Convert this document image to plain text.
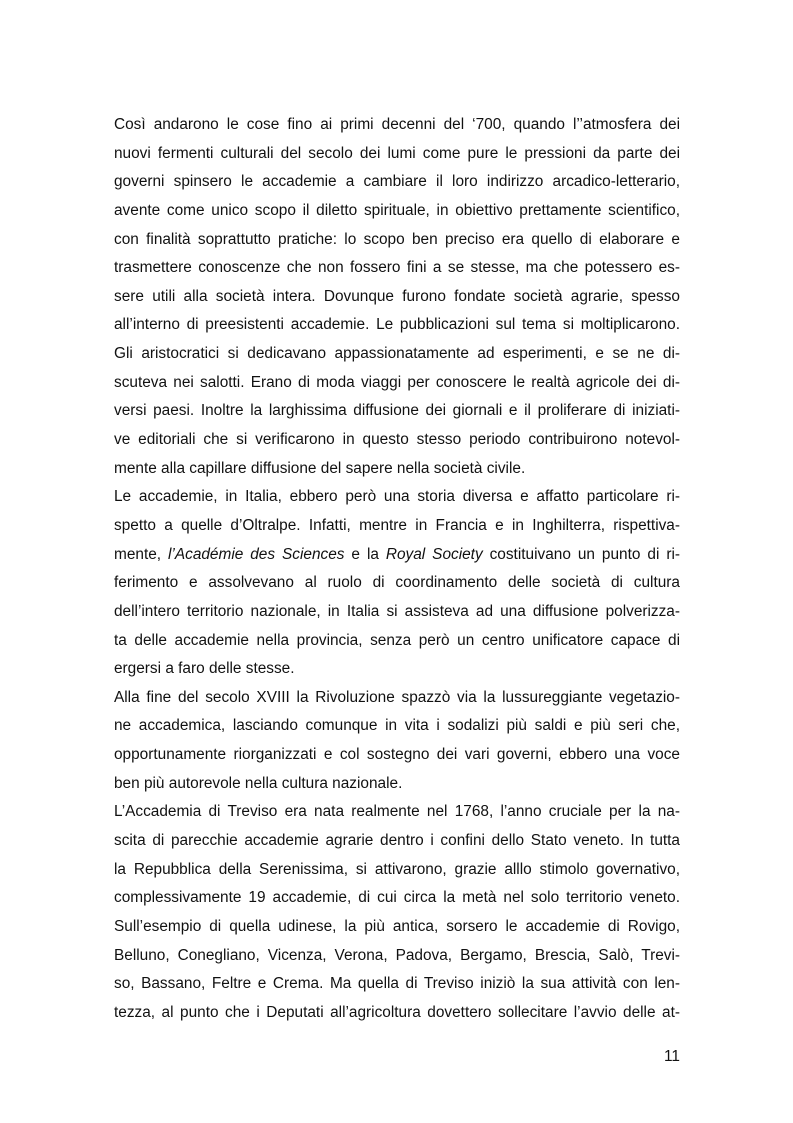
Così andarono le cose fino ai primi decenni del ‘700, quando l’’atmosfera dei
nuovi fermenti culturali del secolo dei lumi come pure le pressioni da parte dei
governi spinsero le accademie a cambiare il loro indirizzo arcadico-letterario,
avente come unico scopo il diletto spirituale, in obiettivo prettamente scientifico,
con finalità soprattutto pratiche: lo scopo ben preciso era quello di elaborare e
trasmettere conoscenze che non fossero fini a se stesse, ma che potessero es-
sere utili alla società intera. Dovunque furono fondate società agrarie, spesso
all’interno di preesistenti accademie. Le pubblicazioni sul tema si moltiplicarono.
Gli aristocratici si dedicavano appassionatamente ad esperimenti, e se ne di-
scuteva nei salotti. Erano di moda viaggi per conoscere le realtà agricole dei di-
versi paesi. Inoltre la larghissima diffusione dei giornali e il proliferare di iniziati-
ve editoriali che si verificarono in questo stesso periodo contribuirono notevol-
mente alla capillare diffusione del sapere nella società civile.
Le accademie, in Italia, ebbero però una storia diversa e affatto particolare ri-
spetto a quelle d’Oltralpe. Infatti, mentre in Francia e in Inghilterra, rispettiva-
mente, l’Académie des Sciences e la Royal Society costituivano un punto di ri-
ferimento e assolvevano al ruolo di coordinamento delle società di cultura
dell’intero territorio nazionale, in Italia si assisteva ad una diffusione polverizza-
ta delle accademie nella provincia, senza però un centro unificatore capace di
ergersi a faro delle stesse.
Alla fine del secolo XVIII la Rivoluzione spazzò via la lussureggiante vegetazio-
ne accademica, lasciando comunque in vita i sodalizi più saldi e più seri che,
opportunamente riorganizzati e col sostegno dei vari governi, ebbero una voce
ben più autorevole nella cultura nazionale.
L’Accademia di Treviso era nata realmente nel 1768, l’anno cruciale per la na-
scita di parecchie accademie agrarie dentro i confini dello Stato veneto. In tutta
la Repubblica della Serenissima, si attivarono, grazie alllo stimolo governativo,
complessivamente 19 accademie, di cui circa la metà nel solo territorio veneto.
Sull’esempio di quella udinese, la più antica, sorsero le accademie di Rovigo,
Belluno, Conegliano, Vicenza, Verona, Padova, Bergamo, Brescia, Salò, Trevi-
so, Bassano, Feltre e Crema. Ma quella di Treviso iniziò la sua attività con len-
tezza, al punto che i Deputati all’agricoltura dovettero sollecitare l’avvio delle at-
11
